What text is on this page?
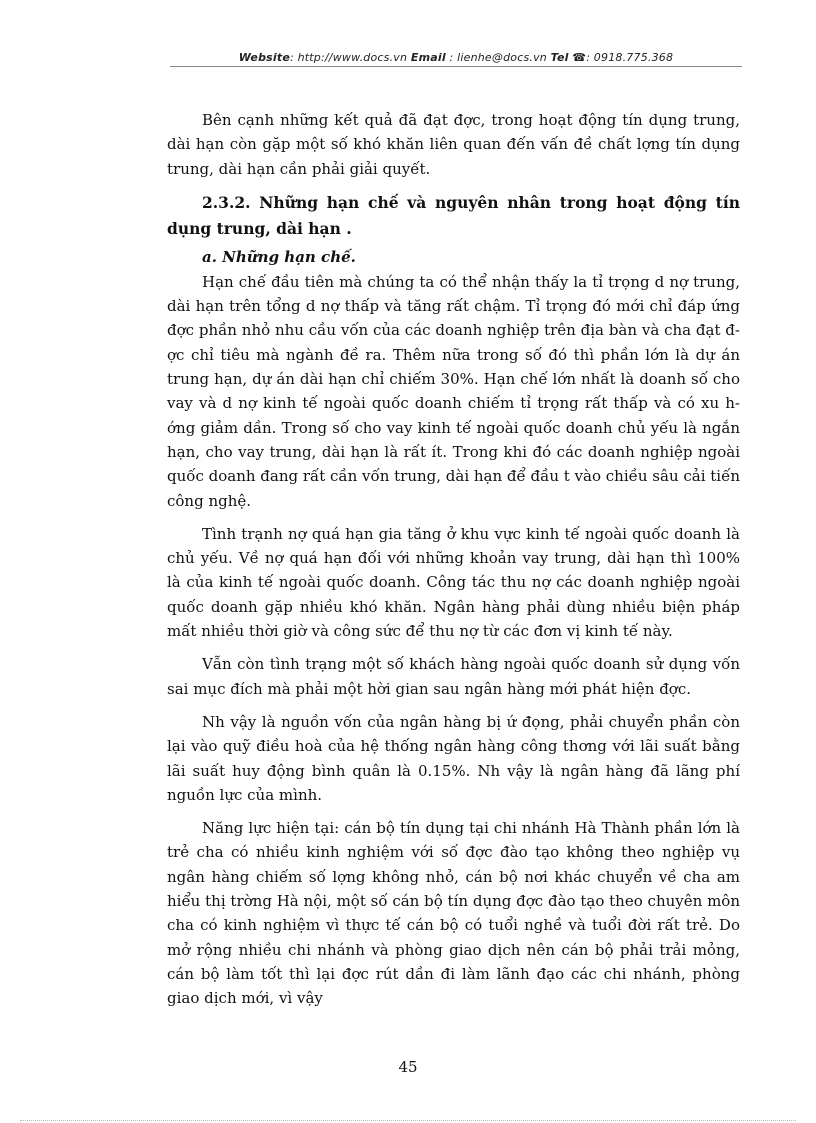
Website: http://www.docs.vn Email : lienhe@docs.vn Tel ☎: 0918.775.368

Bên cạnh những kết quả đã đạt đợc, trong hoạt động tín dụng trung, dài hạn còn gặp một số khó khăn liên quan đến vấn đề chất lợng tín dụng trung, dài hạn cần phải giải quyết.

2.3.2. Những hạn chế và nguyên nhân trong hoạt động tín dụng trung, dài hạn .

a. Những hạn chế.

Hạn chế đầu tiên mà chúng ta có thể nhận thấy la tỉ trọng d nợ trung, dài hạn trên tổng d nợ thấp và tăng rất chậm. Tỉ trọng đó mới chỉ đáp ứng đợc phần nhỏ nhu cầu vốn của các doanh nghiệp trên địa bàn và cha đạt đợc chỉ tiêu mà ngành đề ra. Thêm nữa trong số đó thì phần lớn là dự án trung hạn, dự án dài hạn chỉ chiếm 30%. Hạn chế lớn nhất là doanh số cho vay và d nợ kinh tế ngoài quốc doanh chiếm tỉ trọng rất thấp và có xu hớng giảm dần. Trong số cho vay kinh tế ngoài quốc doanh chủ yếu là ngắn hạn, cho vay trung, dài hạn là rất ít. Trong khi đó các doanh nghiệp ngoài quốc doanh đang rất cần vốn trung, dài hạn để đầu t vào chiều sâu cải tiến công nghệ.

Tình trạnh nợ quá hạn gia tăng ở khu vực kinh tế ngoài quốc doanh là chủ yếu. Về nợ quá hạn đối với những khoản vay trung, dài hạn thì 100% là của kinh tế ngoài quốc doanh. Công tác thu nợ các doanh nghiệp ngoài quốc doanh gặp nhiều khó khăn. Ngân hàng phải dùng nhiều biện pháp mất nhiều thời giờ và công sức để thu nợ từ các đơn vị kinh tế này.

Vẫn còn tình trạng một số khách hàng ngoài quốc doanh sử dụng vốn sai mục đích mà phải một hời gian sau ngân hàng mới phát hiện đợc.

Nh vậy là nguồn vốn của ngân hàng bị ứ đọng, phải chuyển phần còn lại vào quỹ điều hoà của hệ thống ngân hàng công thơng với lãi suất bằng lãi suất huy động bình quân là 0.15%. Nh vậy là ngân hàng đã lãng phí nguồn lực của mình.

Năng lực hiện tại: cán bộ tín dụng tại chi nhánh Hà Thành phần lớn là trẻ cha có nhiều kinh nghiệm với số đợc đào tạo không theo nghiệp vụ ngân hàng chiếm số lợng không nhỏ, cán bộ nơi khác chuyển về cha am hiểu thị trờng Hà nội, một số cán bộ tín dụng đợc đào tạo theo chuyên môn cha có kinh nghiệm vì thực tế cán bộ có tuổi nghề và tuổi đời rất trẻ. Do mở rộng nhiều chi nhánh và phòng giao dịch nên cán bộ phải trải mỏng, cán bộ làm tốt thì lại đợc rút dần đi làm lãnh đạo các chi nhánh, phòng giao dịch mới, vì vậy

45
